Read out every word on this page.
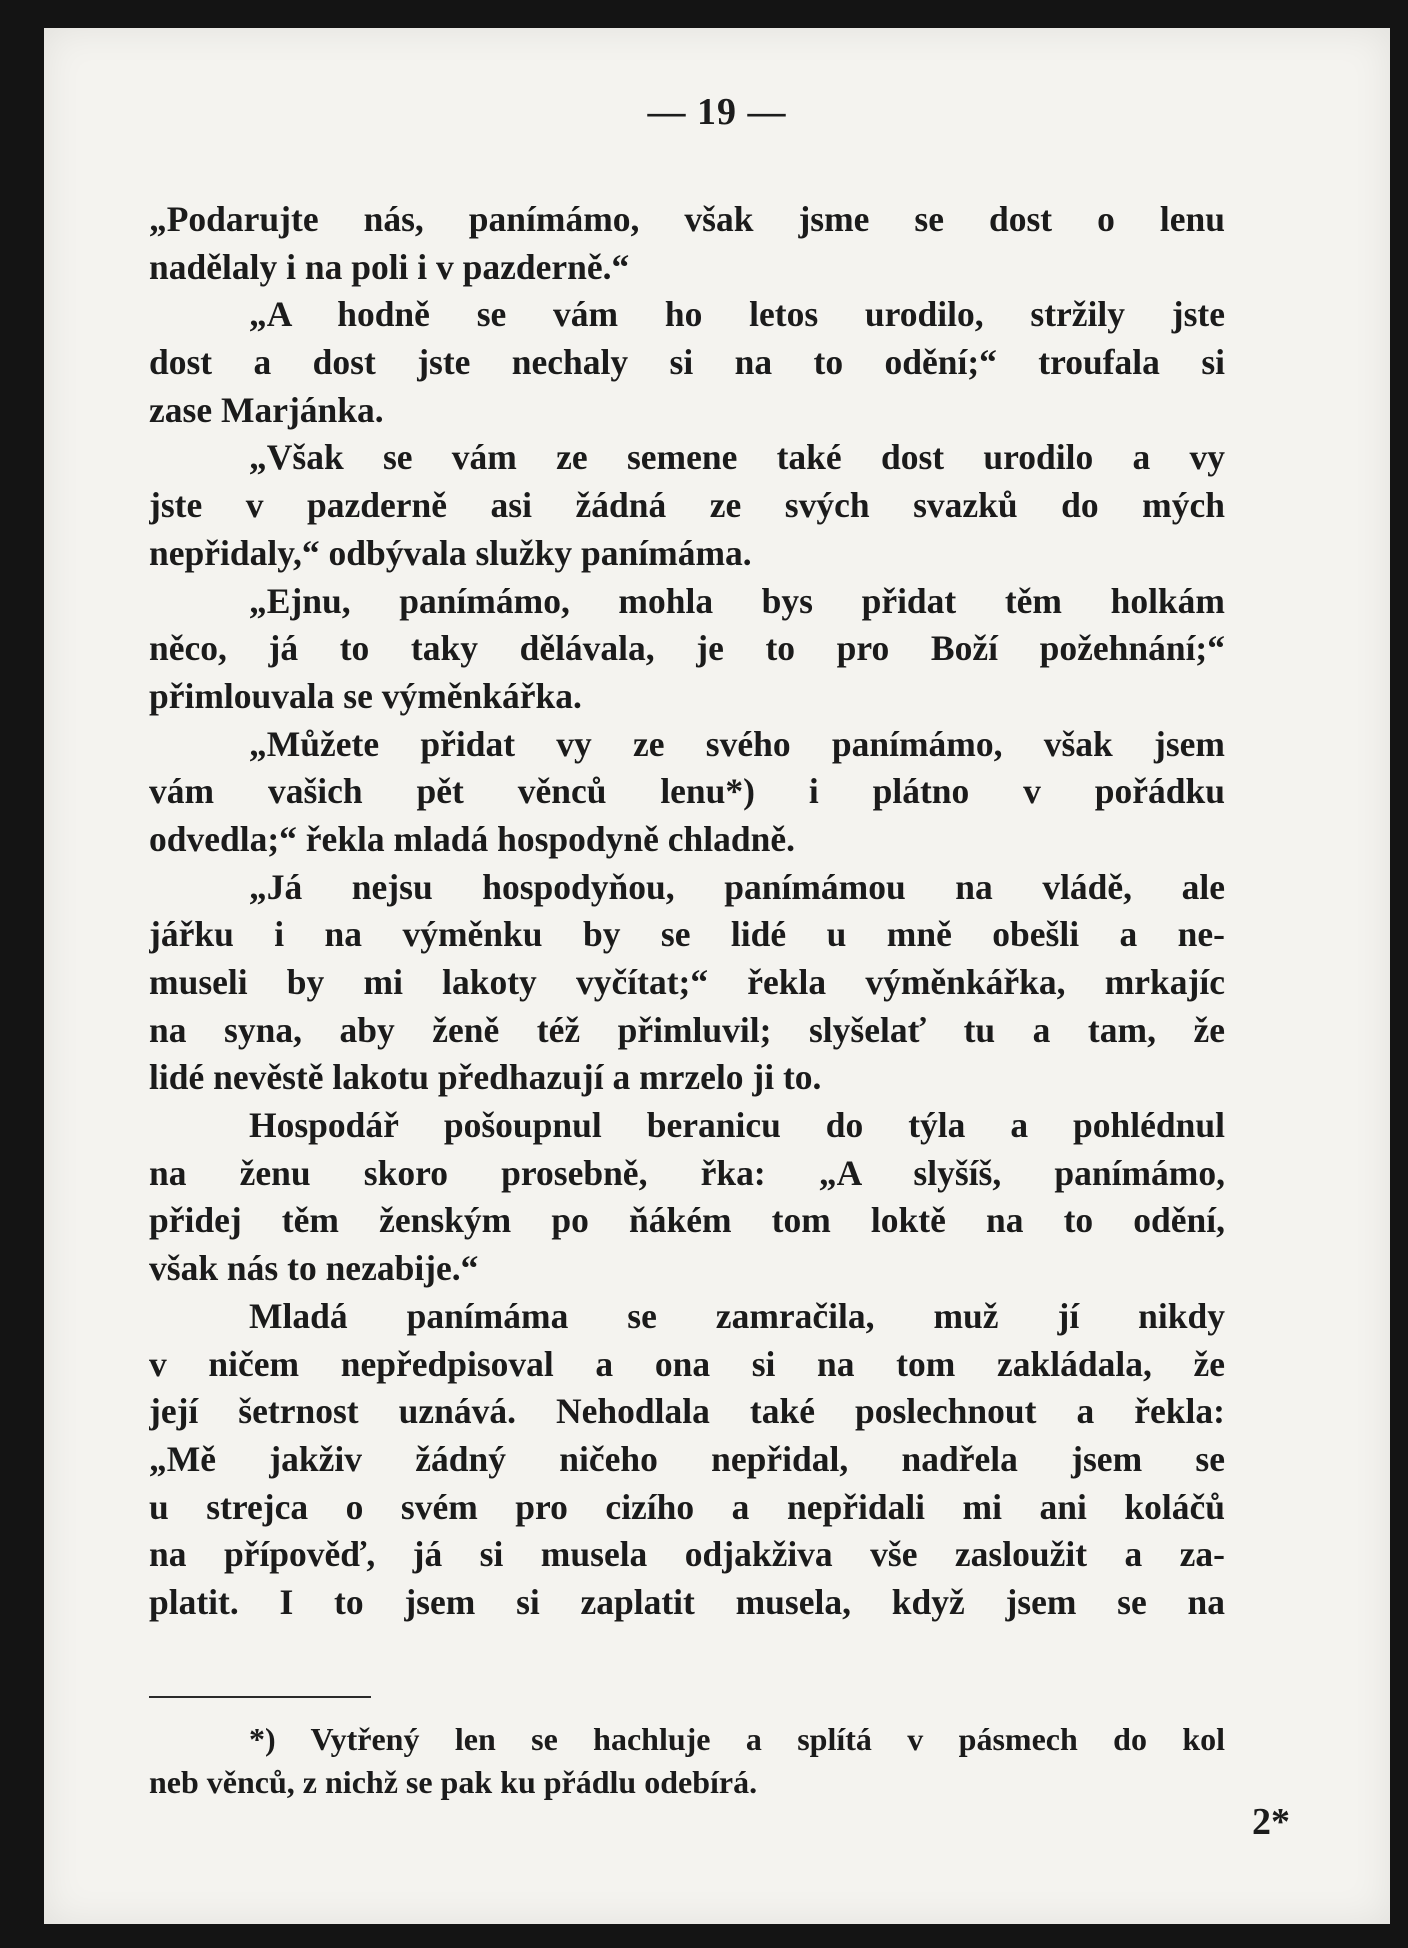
— 19 —
„Podarujte nás, panímámo, však jsme se dost o lenu
nadělaly i na poli i v pazderně.“
„A hodně se vám ho letos urodilo, stržily jste
dost a dost jste nechaly si na to odění;“ troufala si
zase Marjánka.
„Však se vám ze semene také dost urodilo a vy
jste v pazderně asi žádná ze svých svazků do mých
nepřidaly,“ odbývala služky panímáma.
„Ejnu, panímámo, mohla bys přidat těm holkám
něco, já to taky dělávala, je to pro Boží požehnání;“
přimlouvala se výměnkářka.
„Můžete přidat vy ze svého panímámo, však jsem
vám vašich pět věnců lenu*) i plátno v pořádku
odvedla;“ řekla mladá hospodyně chladně.
„Já nejsu hospodyňou, panímámou na vládě, ale
jářku i na výměnku by se lidé u mně obešli a ne-
museli by mi lakoty vyčítat;“ řekla výměnkářka, mrkajíc
na syna, aby ženě též přimluvil; slyšelať tu a tam, že
lidé nevěstě lakotu předhazují a mrzelo ji to.
Hospodář pošoupnul beranicu do týla a pohlédnul
na ženu skoro prosebně, řka: „A slyšíš, panímámo,
přidej těm ženským po ňákém tom loktě na to odění,
však nás to nezabije.“
Mladá panímáma se zamračila, muž jí nikdy
v ničem nepředpisoval a ona si na tom zakládala, že
její šetrnost uznává. Nehodlala také poslechnout a řekla:
„Mě jakživ žádný ničeho nepřidal, nadřela jsem se
u strejca o svém pro cizího a nepřidali mi ani koláčů
na přípověď, já si musela odjakživa vše zasloužit a za-
platit. I to jsem si zaplatit musela, když jsem se na
*) Vytřený len se hachluje a splítá v pásmech do kol
neb věnců, z nichž se pak ku přádlu odebírá.
2*
